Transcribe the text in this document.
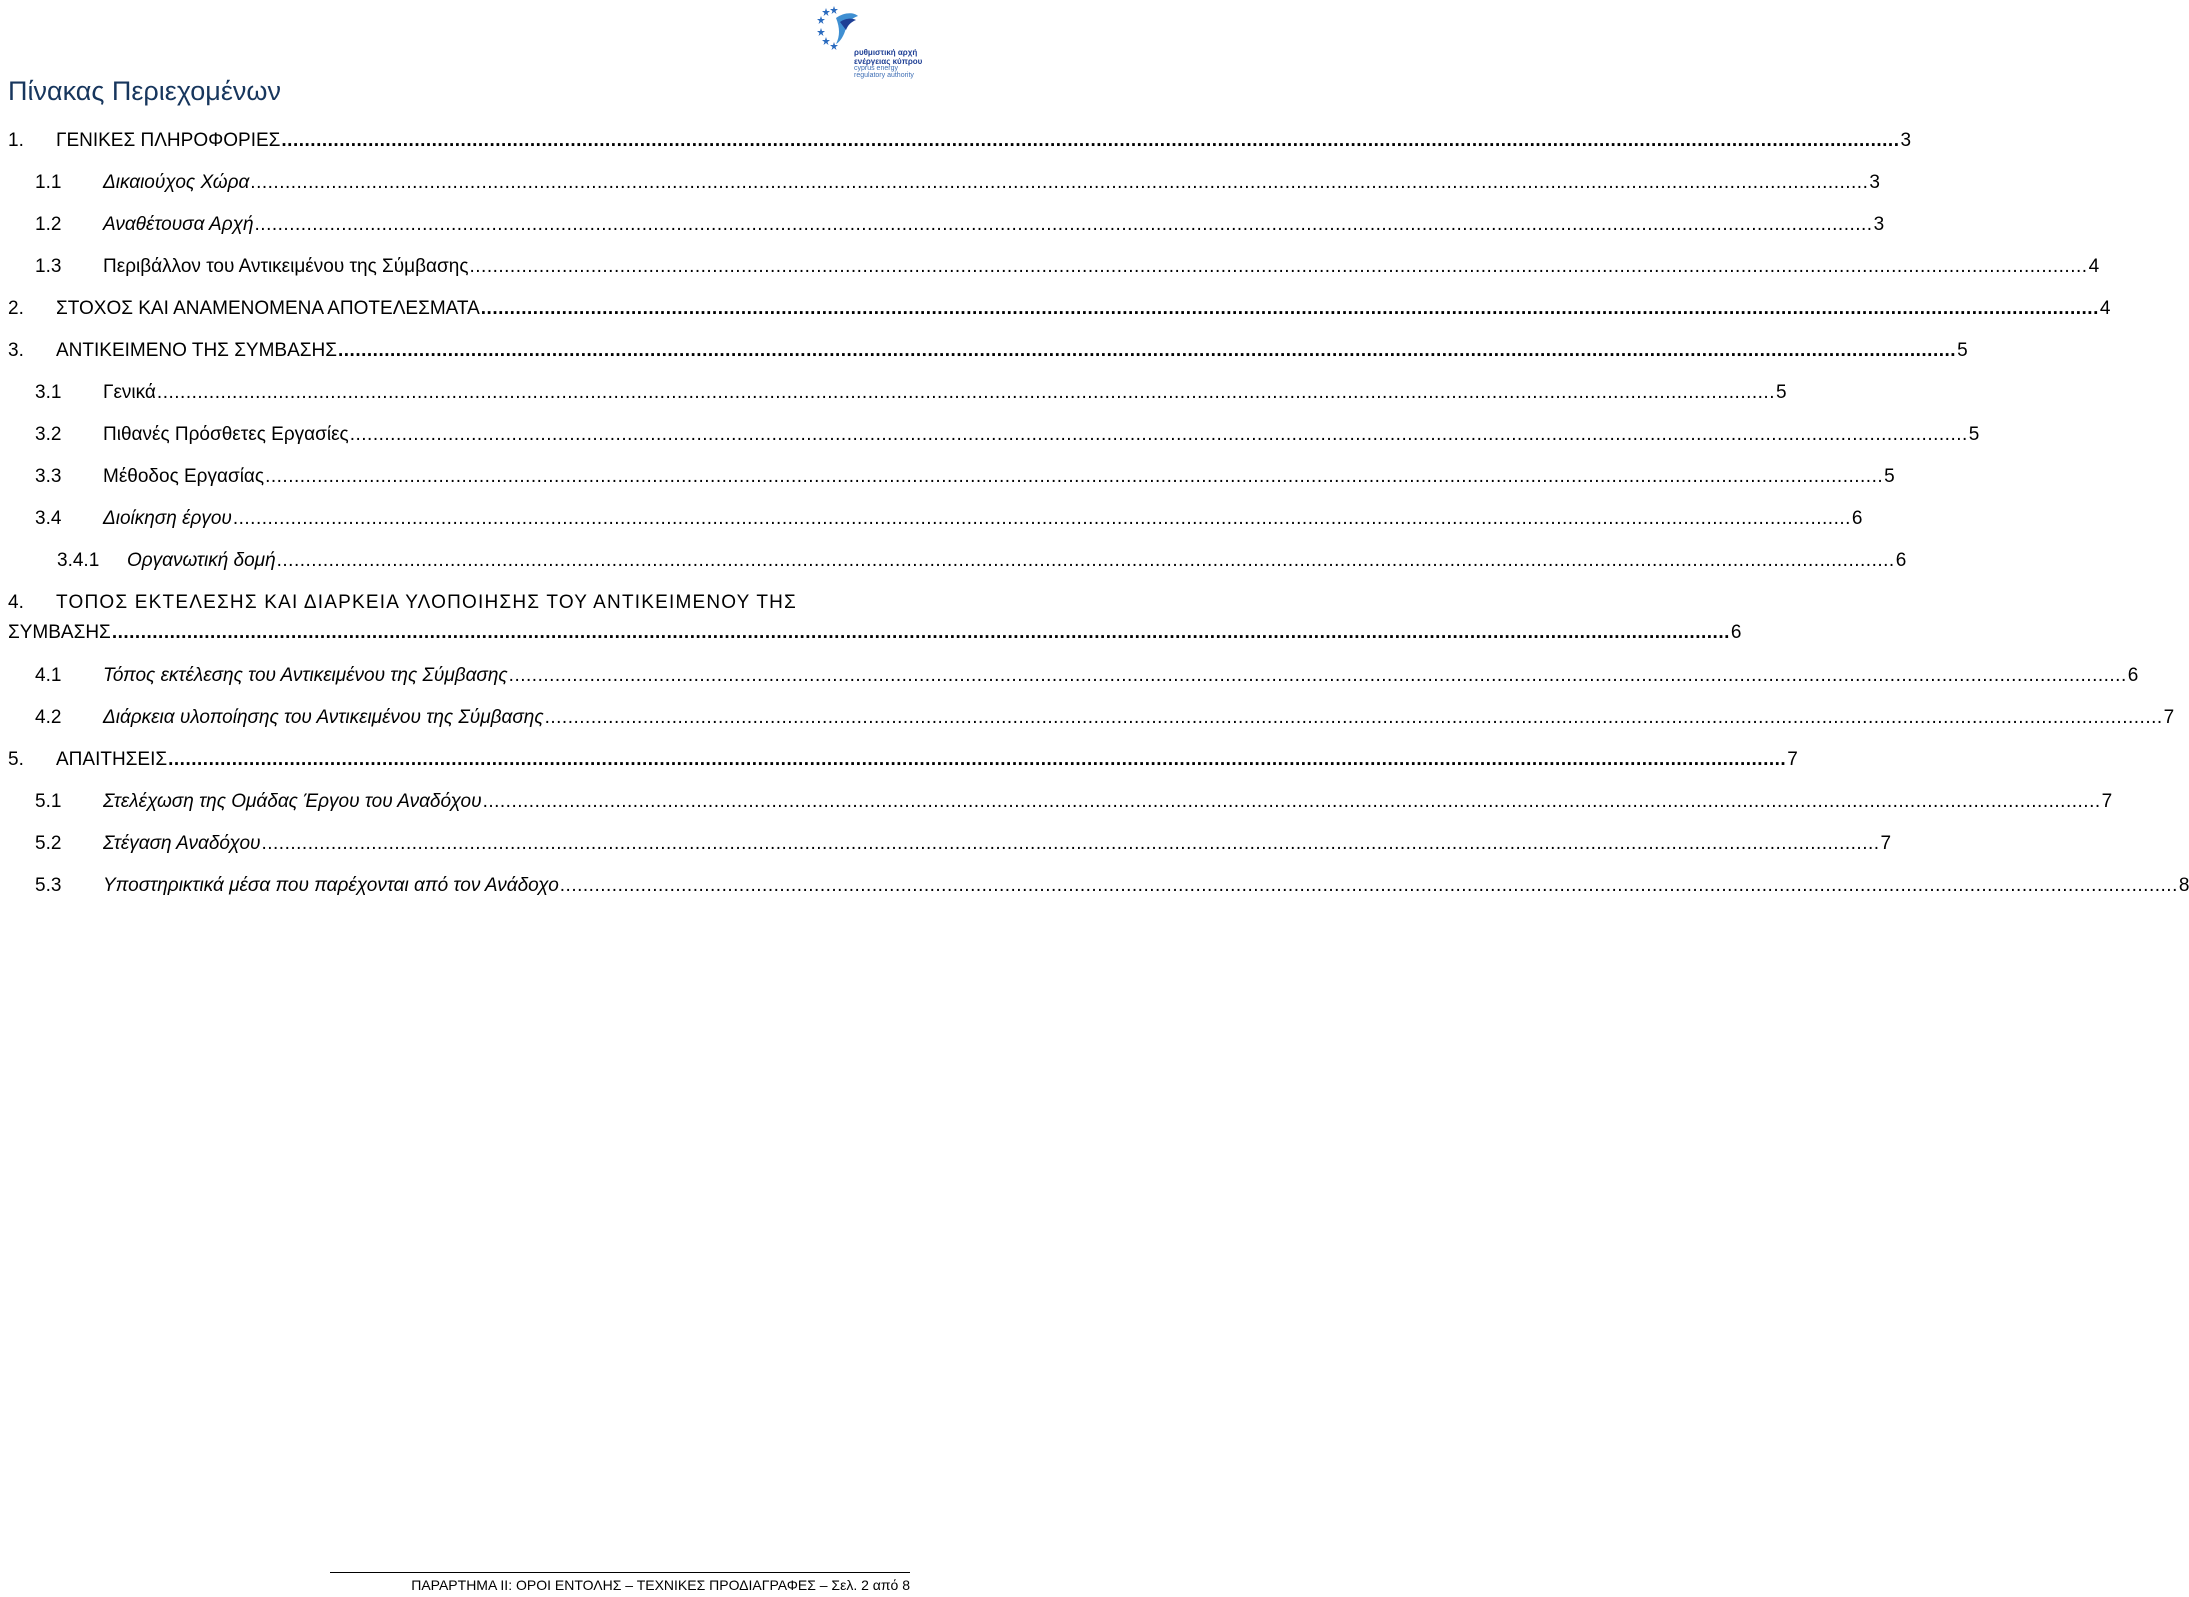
ρυθμιστική αρχή
ενέργειας κύπρου
cyprus energy
regulatory authority
Πίνακας Περιεχομένων
1.	ΓΕΝΙΚΕΣ ΠΛΗΡΟΦΟΡΙΕΣ .....	3
1.1	Δικαιούχος Χώρα .....	3
1.2	Αναθέτουσα Αρχή .....	3
1.3	Περιβάλλον του Αντικειμένου της Σύμβασης .....	4
2.	ΣΤΟΧΟΣ ΚΑΙ ΑΝΑΜΕΝΟΜΕΝΑ ΑΠΟΤΕΛΕΣΜΑΤΑ .....	4
3.	ΑΝΤΙΚΕΙΜΕΝΟ ΤΗΣ ΣΥΜΒΑΣΗΣ .....	5
3.1	Γενικά .....	5
3.2	Πιθανές Πρόσθετες Εργασίες .....	5
3.3	Μέθοδος Εργασίας .....	5
3.4	Διοίκηση έργου .....	6
3.4.1	Οργανωτική δομή .....	6
4.	ΤΟΠΟΣ ΕΚΤΕΛΕΣΗΣ ΚΑΙ ΔΙΑΡΚΕΙΑ ΥΛΟΠΟΙΗΣΗΣ ΤΟΥ ΑΝΤΙΚΕΙΜΕΝΟΥ ΤΗΣ
ΣΥΜΒΑΣΗΣ .....	6
4.1	Τόπος εκτέλεσης του Αντικειμένου της Σύμβασης .....	6
4.2	Διάρκεια υλοποίησης του Αντικειμένου της Σύμβασης .....	7
5.	ΑΠΑΙΤΗΣΕΙΣ .....	7
5.1	Στελέχωση της Ομάδας Έργου του Αναδόχου .....	7
5.2	Στέγαση Αναδόχου .....	7
5.3	Υποστηρικτικά μέσα που παρέχονται από τον Ανάδοχο .....	8
ΠΑΡΑΡΤΗΜΑ ΙΙ: ΟΡΟΙ ΕΝΤΟΛΗΣ – ΤΕΧΝΙΚΕΣ ΠΡΟΔΙΑΓΡΑΦΕΣ – Σελ. 2 από 8
